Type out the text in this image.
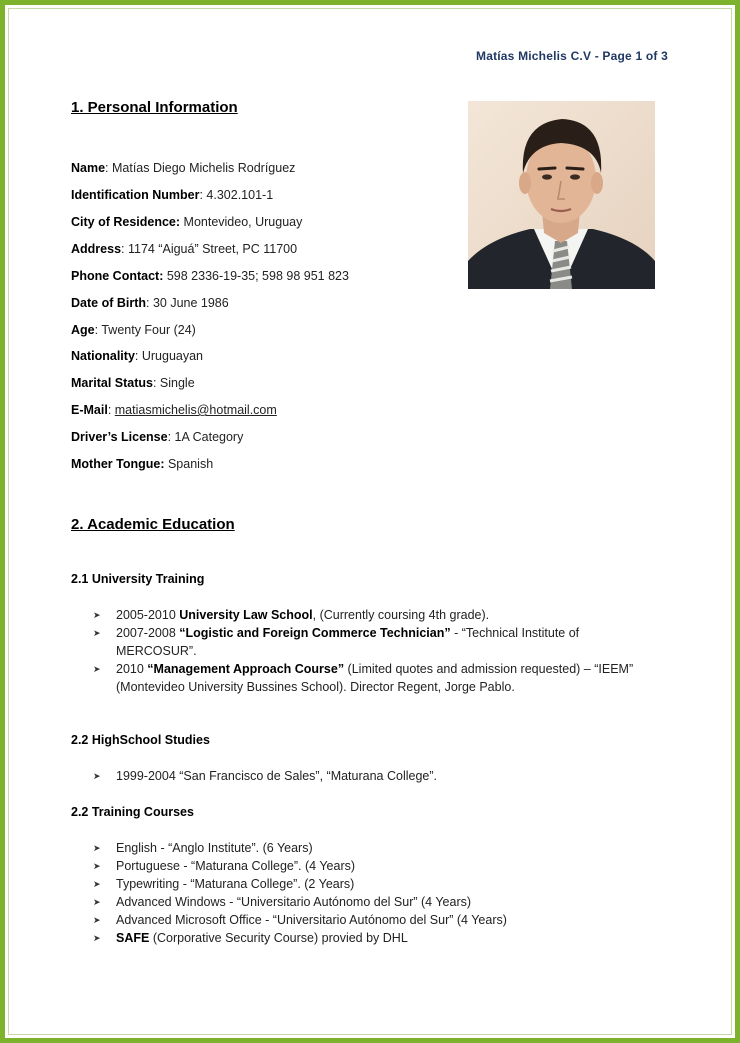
Matías Michelis C.V - Page 1 of 3
1. Personal Information
Name: Matías Diego Michelis Rodríguez
Identification Number: 4.302.101-1
City of Residence: Montevideo, Uruguay
Address: 1174 “Aiguá” Street, PC 11700
Phone Contact: 598 2336-19-35; 598 98 951 823
Date of Birth: 30 June 1986
Age: Twenty Four (24)
Nationality: Uruguayan
Marital Status: Single
E-Mail: matiasmichelis@hotmail.com
Driver’s License: 1A Category
Mother Tongue: Spanish
2. Academic Education
2.1 University Training
➤ 2005-2010 University Law School, (Currently coursing 4th grade).
➤ 2007-2008 “Logistic and Foreign Commerce Technician” - “Technical Institute of
MERCOSUR”.
➤ 2010 “Management Approach Course” (Limited quotes and admission requested) – “IEEM”
(Montevideo University Bussines School). Director Regent, Jorge Pablo.
2.2 HighSchool Studies
➤ 1999-2004 “San Francisco de Sales”, “Maturana College”.
2.2 Training Courses
➤ English - “Anglo Institute”. (6 Years)
➤ Portuguese - “Maturana College”. (4 Years)
➤ Typewriting - “Maturana College”. (2 Years)
➤ Advanced Windows - “Universitario Autónomo del Sur” (4 Years)
➤ Advanced Microsoft Office - “Universitario Autónomo del Sur” (4 Years)
➤ SAFE (Corporative Security Course) provied by DHL
